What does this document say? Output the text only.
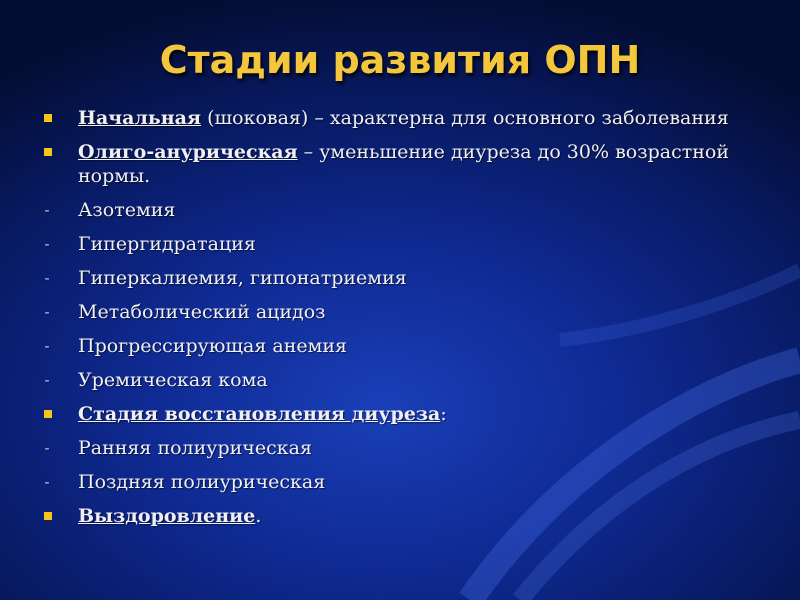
Стадии развития ОПН
Начальная (шоковая) – характерна для основного заболевания
Олиго-анурическая – уменьшение диуреза до 30% возрастной нормы.
- Азотемия
- Гипергидратация
- Гиперкалиемия, гипонатриемия
- Метаболический ацидоз
- Прогрессирующая анемия
- Уремическая кома
Стадия восстановления диуреза:
- Ранняя полиурическая
- Поздняя полиурическая
Выздоровление.
